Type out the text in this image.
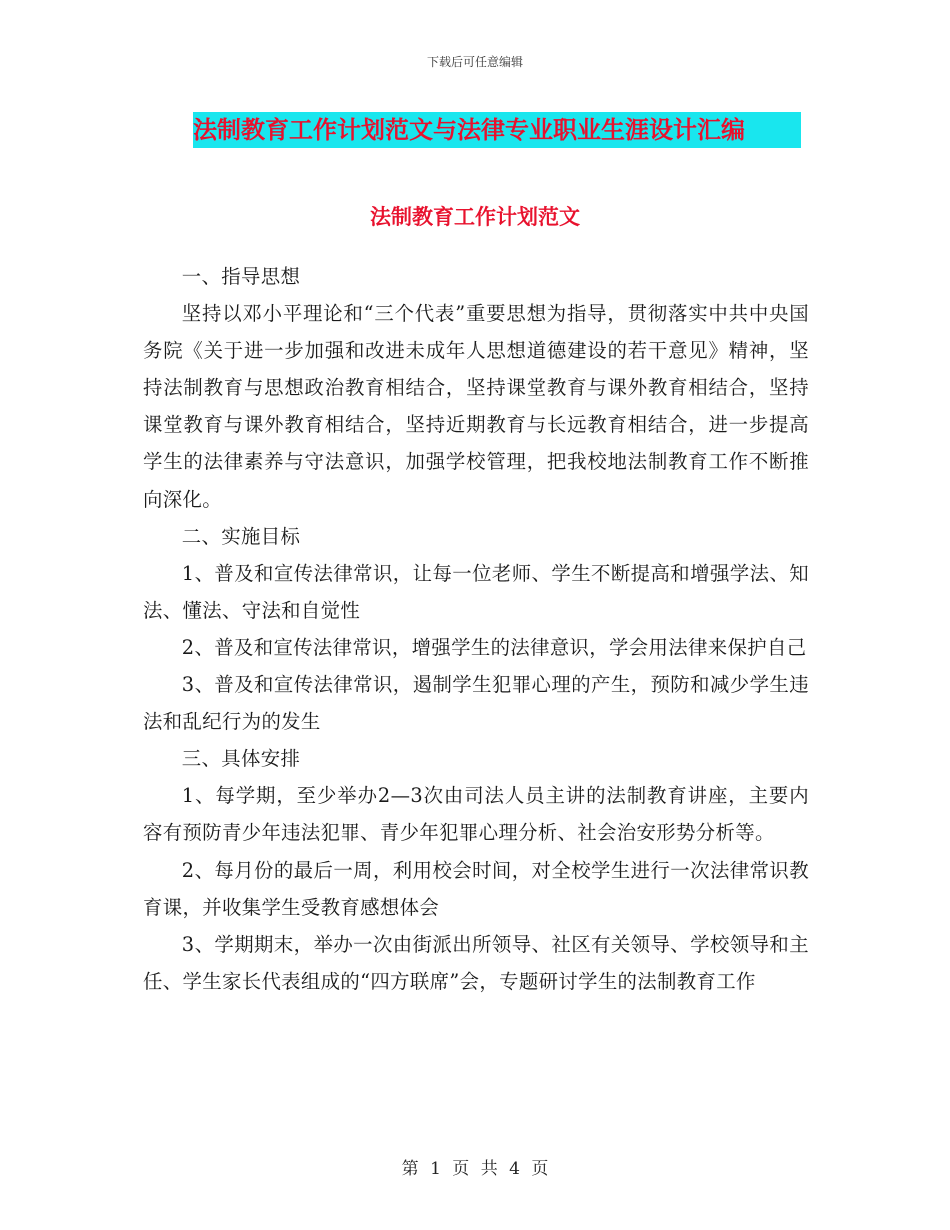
下载后可任意编辑
法制教育工作计划范文与法律专业职业生涯设计汇编
法制教育工作计划范文

一、指导思想

坚持以邓小平理论和“三个代表”重要思想为指导，贯彻落实中共中央国务院《关于进一步加强和改进未成年人思想道德建设的若干意见》精神，坚持法制教育与思想政治教育相结合，坚持课堂教育与课外教育相结合，坚持课堂教育与课外教育相结合，坚持近期教育与长远教育相结合，进一步提高学生的法律素养与守法意识，加强学校管理，把我校地法制教育工作不断推向深化。

二、实施目标

1、普及和宣传法律常识，让每一位老师、学生不断提高和增强学法、知法、懂法、守法和自觉性

2、普及和宣传法律常识，增强学生的法律意识，学会用法律来保护自己

3、普及和宣传法律常识，遏制学生犯罪心理的产生，预防和减少学生违法和乱纪行为的发生

三、具体安排

1、每学期，至少举办2—3次由司法人员主讲的法制教育讲座，主要内容有预防青少年违法犯罪、青少年犯罪心理分析、社会治安形势分析等。

2、每月份的最后一周，利用校会时间，对全校学生进行一次法律常识教育课，并收集学生受教育感想体会

3、学期期末，举办一次由街派出所领导、社区有关领导、学校领导和主任、学生家长代表组成的“四方联席”会，专题研讨学生的法制教育工作

第 1 页 共 4 页
